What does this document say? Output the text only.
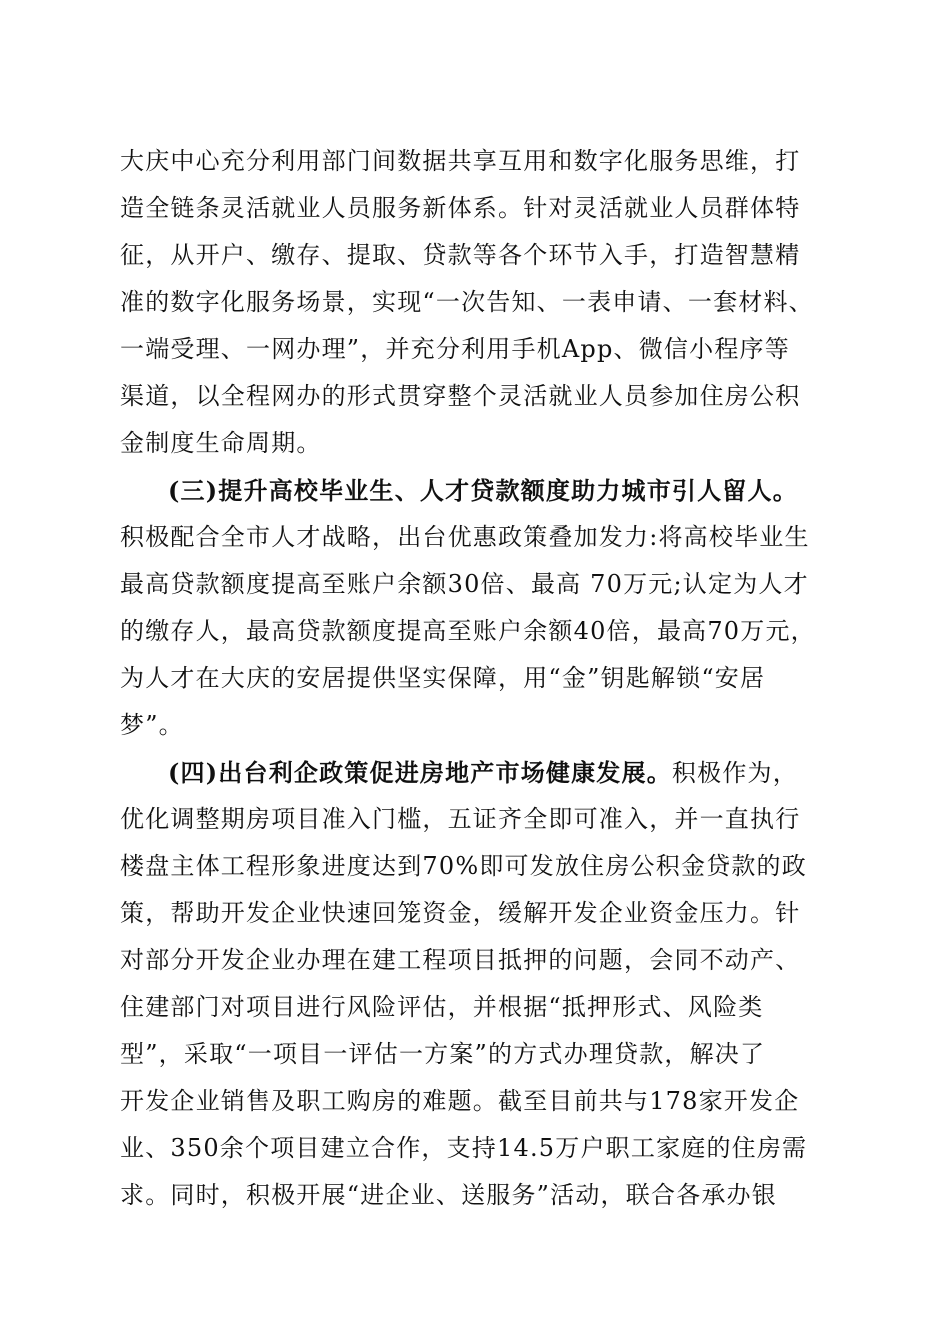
大庆中心充分利用部门间数据共享互用和数字化服务思维，打
造全链条灵活就业人员服务新体系。针对灵活就业人员群体特
征，从开户、缴存、提取、贷款等各个环节入手，打造智慧精
准的数字化服务场景，实现“一次告知、一表申请、一套材料、
一端受理、一网办理”，并充分利用手机App、微信小程序等
渠道，以全程网办的形式贯穿整个灵活就业人员参加住房公积
金制度生命周期。
(三)提升高校毕业生、人才贷款额度助力城市引人留人。
积极配合全市人才战略，出台优惠政策叠加发力:将高校毕业生
最高贷款额度提高至账户余额30倍、最高 70万元;认定为人才
的缴存人，最高贷款额度提高至账户余额40倍，最高70万元，
为人才在大庆的安居提供坚实保障，用“金”钥匙解锁“安居
梦”。
(四)出台利企政策促进房地产市场健康发展。积极作为，
优化调整期房项目准入门槛，五证齐全即可准入，并一直执行
楼盘主体工程形象进度达到70%即可发放住房公积金贷款的政
策，帮助开发企业快速回笼资金，缓解开发企业资金压力。针
对部分开发企业办理在建工程项目抵押的问题，会同不动产、
住建部门对项目进行风险评估，并根据“抵押形式、风险类
型”，采取“一项目一评估一方案”的方式办理贷款，解决了
开发企业销售及职工购房的难题。截至目前共与178家开发企
业、350余个项目建立合作，支持14.5万户职工家庭的住房需
求。同时，积极开展“进企业、送服务”活动，联合各承办银
